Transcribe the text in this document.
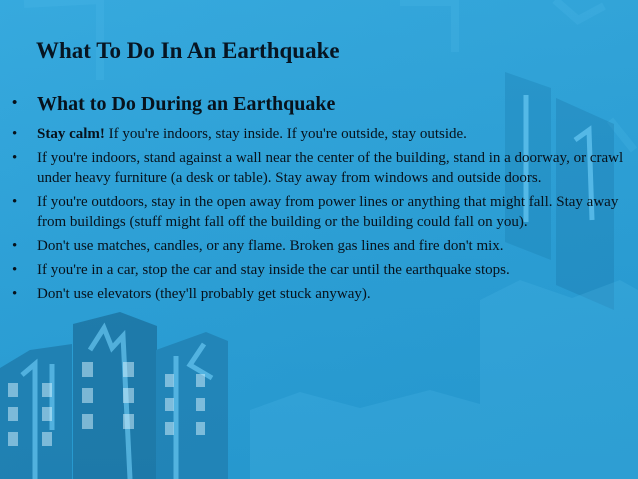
What To Do In An Earthquake
• What to Do During an Earthquake
• Stay calm! If you're indoors, stay inside. If you're outside, stay outside.
• If you're indoors, stand against a wall near the center of the building, stand in a doorway, or crawl under heavy furniture (a desk or table). Stay away from windows and outside doors.
• If you're outdoors, stay in the open away from power lines or anything that might fall. Stay away from buildings (stuff might fall off the building or the building could fall on you).
• Don't use matches, candles, or any flame. Broken gas lines and fire don't mix.
• If you're in a car, stop the car and stay inside the car until the earthquake stops.
• Don't use elevators (they'll probably get stuck anyway).
